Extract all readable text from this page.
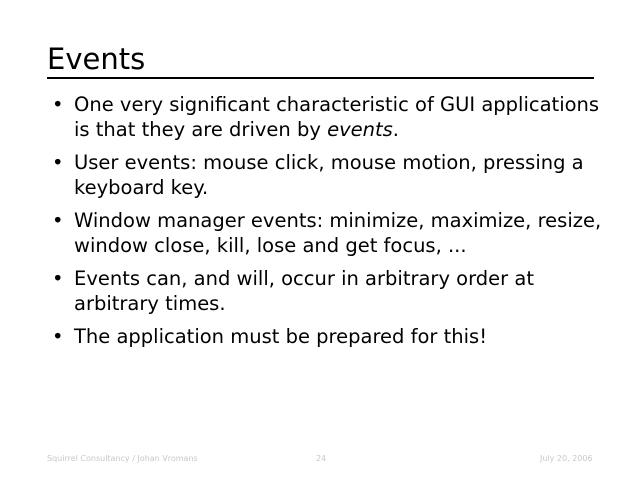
Events
• One very significant characteristic of GUI applications is that they are driven by events.
• User events: mouse click, mouse motion, pressing a keyboard key.
• Window manager events: minimize, maximize, resize, window close, kill, lose and get focus, ...
• Events can, and will, occur in arbitrary order at arbitrary times.
• The application must be prepared for this!
Squirrel Consultancy / Johan Vromans	24	July 20, 2006
